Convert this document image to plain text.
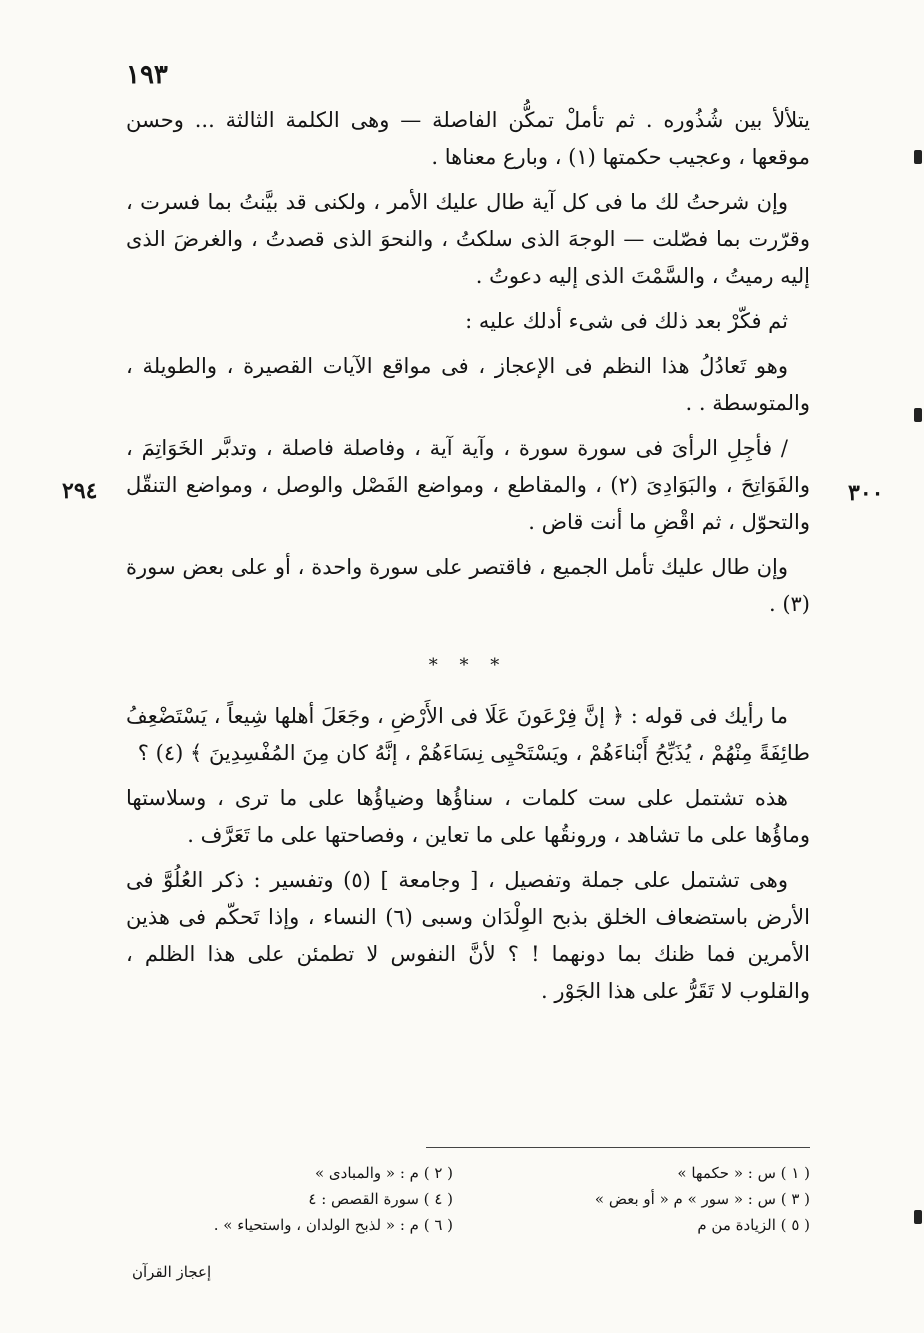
١٩٣
٢٩٤	٣٠٠

يتلألأ بين شُذُوره . ثم تأملْ تمكُّن الفاصلة — وهى الكلمة الثالثة ... وحسن موقعها ، وعجيب حكمتها (١) ، وبارع معناها .

وإن شرحتُ لك ما فى كل آية طال عليك الأمر ، ولكنى قد بيَّنتُ بما فسرت ، وقرّرت بما فصّلت — الوجهَ الذى سلكتُ ، والنحوَ الذى قصدتُ ، والغرضَ الذى إليه رميتُ ، والسَّمْتَ الذى إليه دعوتُ .

ثم فكّرْ بعد ذلك فى شىء أدلك عليه :

وهو تَعادُلُ هذا النظم فى الإعجاز ، فى مواقع الآيات القصيرة ، والطويلة ، والمتوسطة . .

/ فأجِلِ الرأىَ فى سورة سورة ، وآية آية ، وفاصلة فاصلة ، وتدبَّر الخَوَاتِمَ ، والفَوَاتِحَ ، والبَوَادِىَ (٢) ، والمقاطع ، ومواضع الفَصْل والوصل ، ومواضع التنقّل والتحوّل ، ثم اقْضِ ما أنت قاض .

وإن طال عليك تأمل الجميع ، فاقتصر على سورة واحدة ، أو على بعض سورة (٣) .

* * *

ما رأيك فى قوله : ﴿ إنَّ فِرْعَونَ عَلَا فى الأَرْضِ ، وجَعَلَ أهلها شِيعاً ، يَسْتَضْعِفُ طائِفَةً مِنْهُمْ ، يُذَبِّحُ أَبْناءَهُمْ ، ويَسْتَحْيِى نِسَاءَهُمْ ، إنَّهُ كان مِنَ المُفْسِدِينَ ﴾ (٤) ؟

هذه تشتمل على ست كلمات ، سناؤُها وضياؤُها على ما ترى ، وسلاستها وماؤُها على ما تشاهد ، ورونقُها على ما تعاين ، وفصاحتها على ما تَعَرَّف .

وهى تشتمل على جملة وتفصيل ، [ وجامعة ] (٥) وتفسير : ذكر العُلُوَّ فى الأرض باستضعاف الخلق بذبح الوِلْدَان وسبى (٦) النساء ، وإذا تَحكّم فى هذين الأمرين فما ظنك بما دونهما ! ؟ لأنَّ النفوس لا تطمئن على هذا الظلم ، والقلوب لا تَقَرُّ على هذا الجَوْر .

( ١ ) س : « حكمها »
( ٢ ) م : « والمبادى »
( ٣ ) س : « سور » م « أو بعض »
( ٤ ) سورة القصص : ٤
( ٥ ) الزيادة من م
( ٦ ) م : « لذبح الولدان ، واستحياء » .
إعجاز القرآن
